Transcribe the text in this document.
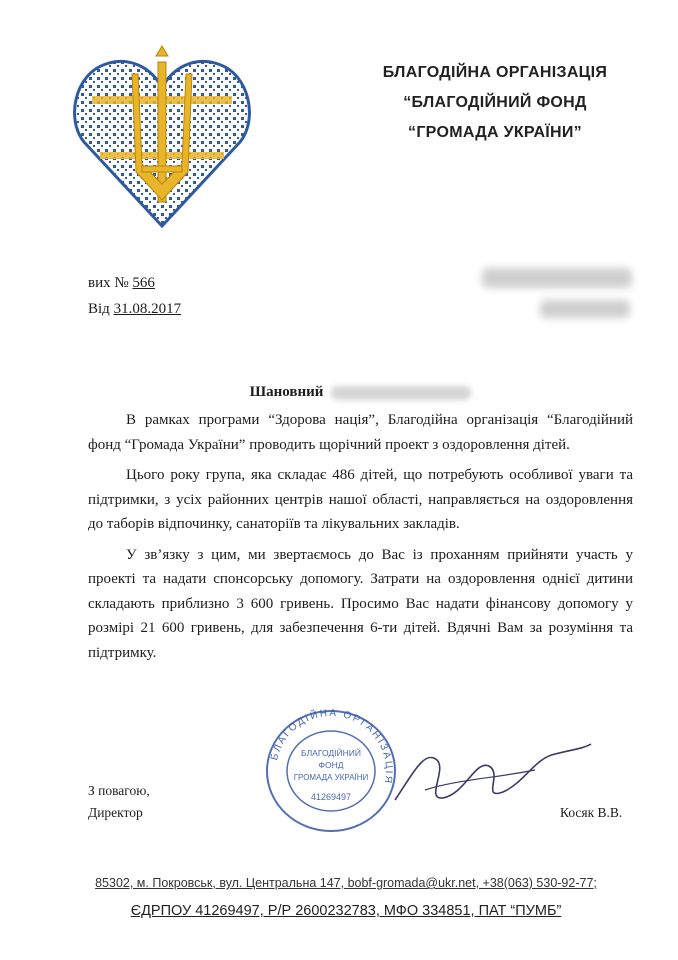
БЛАГОДІЙНА ОРГАНІЗАЦІЯ
“БЛАГОДІЙНИЙ ФОНД
“ГРОМАДА УКРАЇНИ”
вих № 566
Від 31.08.2017
Шановний

В рамках програми “Здорова нація”, Благодійна організація “Благодійний фонд “Громада України” проводить щорічний проект з оздоровлення дітей.

Цього року група, яка складає 486 дітей, що потребують особливої уваги та підтримки, з усіх районних центрів нашої області, направляється на оздоровлення до таборів відпочинку, санаторіїв та лікувальних закладів.

У зв’язку з цим, ми звертаємось до Вас із проханням прийняти участь у проекті та надати спонсорську допомогу. Затрати на оздоровлення однієї дитини складають приблизно 3 600 гривень. Просимо Вас надати фінансову допомогу у розмірі 21 600 гривень, для забезпечення 6-ти дітей. Вдячні Вам за розуміння та підтримку.

БЛАГОДІЙНА ОРГАНІЗАЦІЯ
БЛАГОДІЙНИЙ
ФОНД
ГРОМАДА УКРАЇНИ
41269497
З повагою,
Директор	Косяк В.В.
85302, м. Покровськ, вул. Центральна 147, bobf-gromada@ukr.net, +38(063) 530-92-77;
ЄДРПОУ 41269497, Р/Р 2600232783, МФО 334851, ПАТ “ПУМБ”
